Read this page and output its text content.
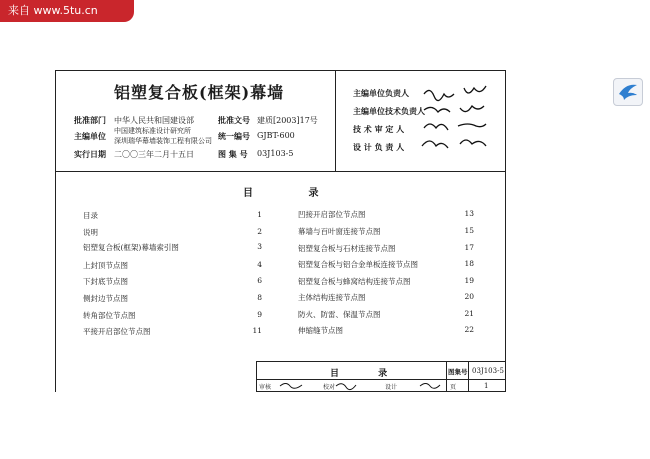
来自 www.5tu.cn
铝塑复合板(框架)幕墙
批准部门 中华人民共和国建设部
主编单位 中国建筑标准设计研究所
深圳瑞华幕墙装饰工程有限公司
实行日期 二〇〇三年二月十五日
批准文号 建质[2003]17号
统一编号 GJBT-600
图 集 号 03J103-5
主编单位负责人
主编单位技术负责人
技 术 审 定 人
设 计 负 责 人
目 录
目录	1
说明	2
铝塑复合板(框架)幕墙索引图	3
上封顶节点图	4
下封底节点图	6
侧封边节点图	8
转角部位节点图	9
平接开启部位节点图	11
凹接开启部位节点图	13
幕墙与百叶窗连接节点图	15
铝塑复合板与石材连接节点图	17
铝塑复合板与铝合金单板连接节点图	18
铝塑复合板与蜂窝结构连接节点图	19
主体结构连接节点图	20
防火、防雷、保温节点图	21
伸缩缝节点图	22
目 录	图集号 03J103-5
审核	校对	设计	页	1
